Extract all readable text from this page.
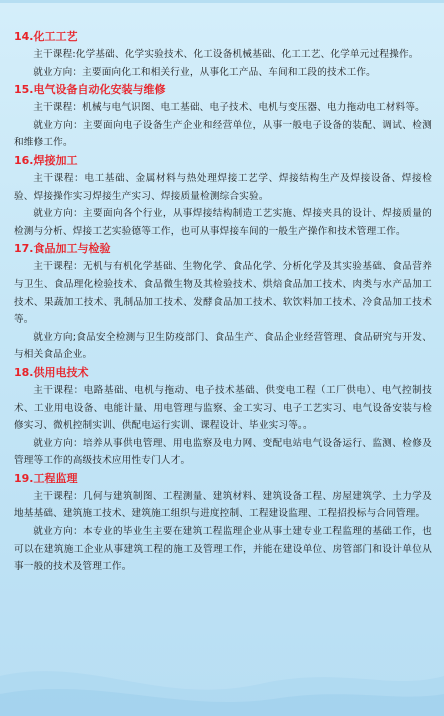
14.化工工艺
主干课程:化学基础、化学实验技术、化工设备机械基础、化工工艺、化学单元过程操作。
就业方向：主要面向化工和相关行业，从事化工产品、车间和工段的技术工作。
15.电气设备自动化安装与维修
主干课程：机械与电气识图、电工基础、电子技术、电机与变压器、电力拖动电工材料等。
就业方向：主要面向电子设备生产企业和经营单位，从事一般电子设备的装配、调试、检测和维修工作。
16.焊接加工
主干课程：电工基础、金属材料与热处理焊接工艺学、焊接结构生产及焊接设备、焊接检验、焊接操作实习焊接生产实习、焊接质量检测综合实验。
就业方向：主要面向各个行业，从事焊接结构制造工艺实施、焊接夹具的设计、焊接质量的检测与分析、焊接工艺实验德等工作，也可从事焊接车间的一般生产操作和技术管理工作。
17.食品加工与检验
主干课程：无机与有机化学基础、生物化学、食品化学、分析化学及其实验基础、食品营养与卫生、食品理化检验技术、食品微生物及其检验技术、烘焙食品加工技术、肉类与水产品加工技术、果蔬加工技术、乳制品加工技术、发酵食品加工技术、软饮料加工技术、冷食品加工技术等。
就业方向;食品安全检测与卫生防疫部门、食品生产、食品企业经营管理、食品研究与开发、与相关食品企业。
18.供用电技术
主干课程：电路基础、电机与拖动、电子技术基础、供变电工程（工厂供电）、电气控制技术、工业用电设备、电能计量、用电管理与监察、金工实习、电子工艺实习、电气设备安装与检修实习、微机控制实训、供配电运行实训、课程设计、毕业实习等。。
就业方向：培养从事供电管理、用电监察及电力网、变配电站电气设备运行、监测、检修及管理等工作的高级技术应用性专门人才。
19.工程监理
主干课程：几何与建筑制图、工程测量、建筑材料、建筑设备工程、房屋建筑学、土力学及地基基础、建筑施工技术、建筑施工组织与进度控制、工程建设监理、工程招投标与合同管理。
就业方向：本专业的毕业生主要在建筑工程监理企业从事土建专业工程监理的基础工作，也可以在建筑施工企业从事建筑工程的施工及管理工作，并能在建设单位、房管部门和设计单位从事一般的技术及管理工作。
